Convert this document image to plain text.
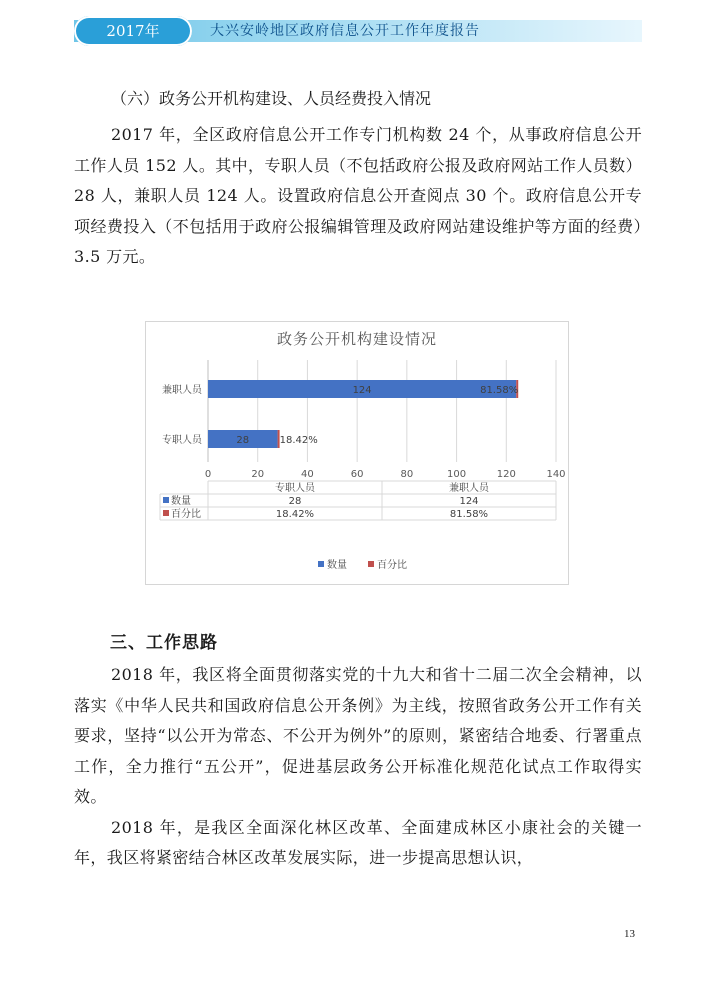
2017年	大兴安岭地区政府信息公开工作年度报告

（六）政务公开机构建设、人员经费投入情况

2017 年，全区政府信息公开工作专门机构数 24 个，从事政府信息公开工作人员 152 人。其中，专职人员（不包括政府公报及政府网站工作人员数）28 人，兼职人员 124 人。设置政府信息公开查阅点 30 个。政府信息公开专项经费投入（不包括用于政府公报编辑管理及政府网站建设维护等方面的经费）3.5 万元。

0	20	40	60	80	100	120	140
专职人员	28	18.42%
兼职人员	124	81.58%
专职人员	兼职人员
数量	28	124
百分比	18.42%	81.58%
数量	百分比
政务公开机构建设情况
三、工作思路

2018 年，我区将全面贯彻落实党的十九大和省十二届二次全会精神，以落实《中华人民共和国政府信息公开条例》为主线，按照省政务公开工作有关要求，坚持“以公开为常态、不公开为例外”的原则，紧密结合地委、行署重点工作，全力推行“五公开”，促进基层政务公开标准化规范化试点工作取得实效。

2018 年，是我区全面深化林区改革、全面建成林区小康社会的关键一年，我区将紧密结合林区改革发展实际，进一步提高思想认识，

13
